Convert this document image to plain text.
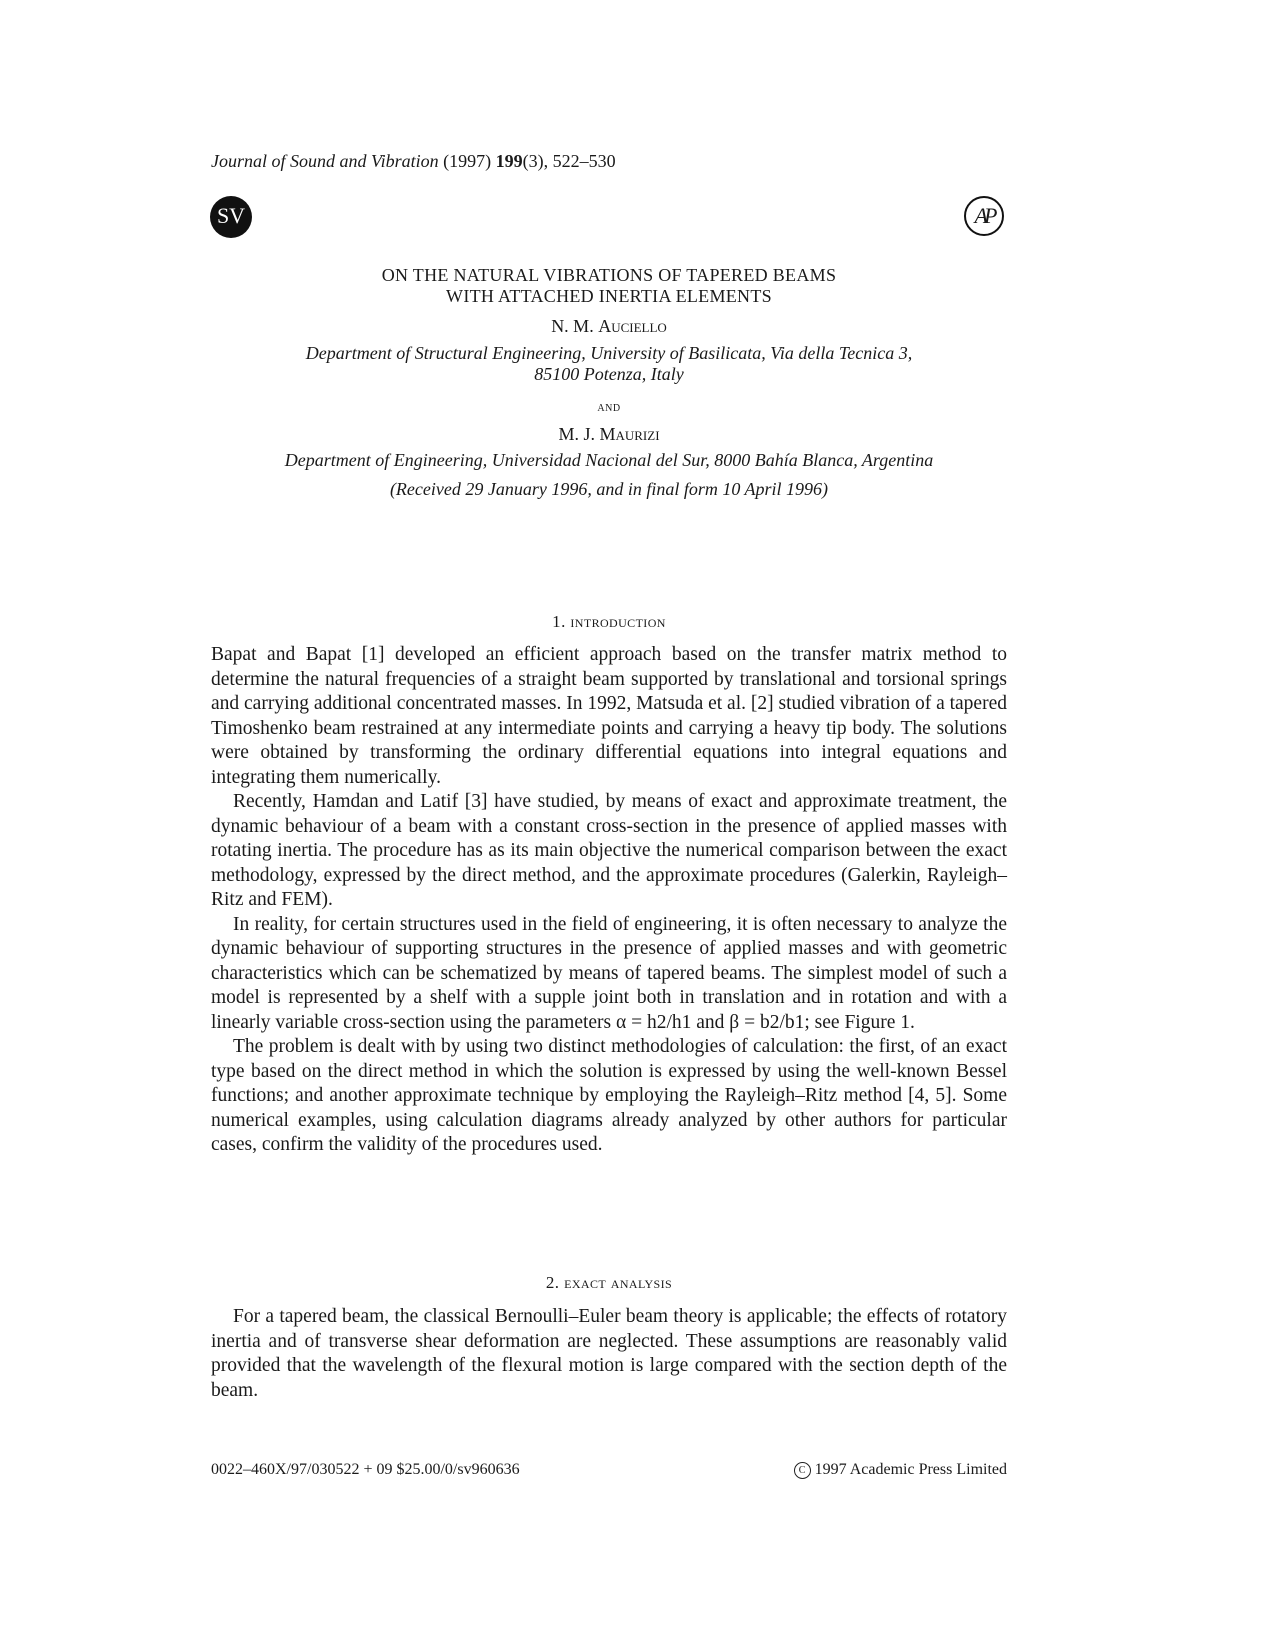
Journal of Sound and Vibration (1997) 199(3), 522–530
SV	AP
ON THE NATURAL VIBRATIONS OF TAPERED BEAMS
WITH ATTACHED INERTIA ELEMENTS
N. M. Auciello
Department of Structural Engineering, University of Basilicata, Via della Tecnica 3,
85100 Potenza, Italy
and
M. J. Maurizi
Department of Engineering, Universidad Nacional del Sur, 8000 Bahía Blanca, Argentina
(Received 29 January 1996, and in final form 10 April 1996)
1. introduction

Bapat and Bapat [1] developed an efficient approach based on the transfer matrix method to determine the natural frequencies of a straight beam supported by translational and torsional springs and carrying additional concentrated masses. In 1992, Matsuda et al. [2] studied vibration of a tapered Timoshenko beam restrained at any intermediate points and carrying a heavy tip body. The solutions were obtained by transforming the ordinary differential equations into integral equations and integrating them numerically.

Recently, Hamdan and Latif [3] have studied, by means of exact and approximate treatment, the dynamic behaviour of a beam with a constant cross-section in the presence of applied masses with rotating inertia. The procedure has as its main objective the numerical comparison between the exact methodology, expressed by the direct method, and the approximate procedures (Galerkin, Rayleigh–Ritz and FEM).

In reality, for certain structures used in the field of engineering, it is often necessary to analyze the dynamic behaviour of supporting structures in the presence of applied masses and with geometric characteristics which can be schematized by means of tapered beams. The simplest model of such a model is represented by a shelf with a supple joint both in translation and in rotation and with a linearly variable cross-section using the parameters α = h2/h1 and β = b2/b1; see Figure 1.

The problem is dealt with by using two distinct methodologies of calculation: the first, of an exact type based on the direct method in which the solution is expressed by using the well-known Bessel functions; and another approximate technique by employing the Rayleigh–Ritz method [4, 5]. Some numerical examples, using calculation diagrams already analyzed by other authors for particular cases, confirm the validity of the procedures used.

2. exact analysis

For a tapered beam, the classical Bernoulli–Euler beam theory is applicable; the effects of rotatory inertia and of transverse shear deformation are neglected. These assumptions are reasonably valid provided that the wavelength of the flexural motion is large compared with the section depth of the beam.

0022–460X/97/030522 + 09 $25.00/0/sv960636
C	1997 Academic Press Limited
